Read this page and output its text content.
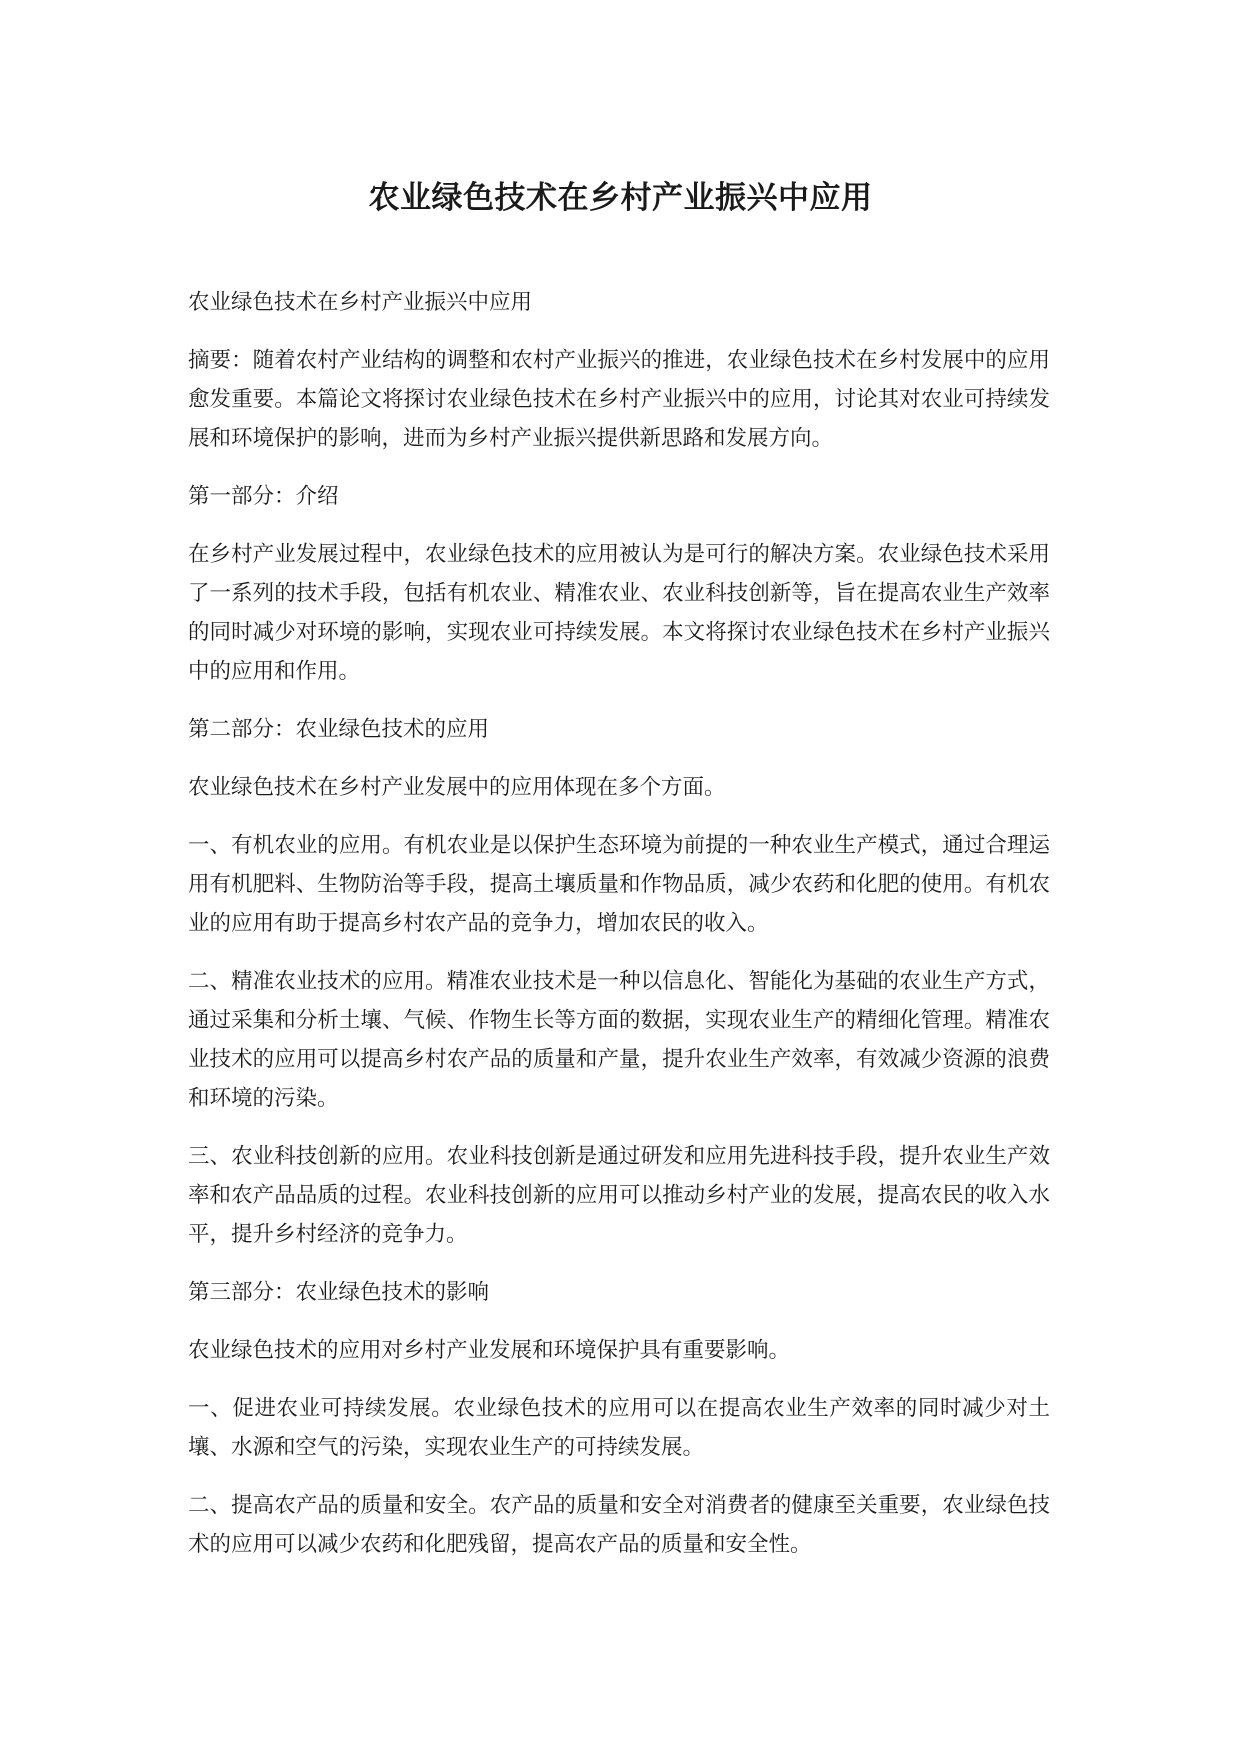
农业绿色技术在乡村产业振兴中应用

农业绿色技术在乡村产业振兴中应用

摘要：随着农村产业结构的调整和农村产业振兴的推进，农业绿色技术在乡村发展中的应用愈发重要。本篇论文将探讨农业绿色技术在乡村产业振兴中的应用，讨论其对农业可持续发展和环境保护的影响，进而为乡村产业振兴提供新思路和发展方向。

第一部分：介绍

在乡村产业发展过程中，农业绿色技术的应用被认为是可行的解决方案。农业绿色技术采用了一系列的技术手段，包括有机农业、精准农业、农业科技创新等，旨在提高农业生产效率的同时减少对环境的影响，实现农业可持续发展。本文将探讨农业绿色技术在乡村产业振兴中的应用和作用。

第二部分：农业绿色技术的应用

农业绿色技术在乡村产业发展中的应用体现在多个方面。

一、有机农业的应用。有机农业是以保护生态环境为前提的一种农业生产模式，通过合理运用有机肥料、生物防治等手段，提高土壤质量和作物品质，减少农药和化肥的使用。有机农业的应用有助于提高乡村农产品的竞争力，增加农民的收入。

二、精准农业技术的应用。精准农业技术是一种以信息化、智能化为基础的农业生产方式，通过采集和分析土壤、气候、作物生长等方面的数据，实现农业生产的精细化管理。精准农业技术的应用可以提高乡村农产品的质量和产量，提升农业生产效率，有效减少资源的浪费和环境的污染。

三、农业科技创新的应用。农业科技创新是通过研发和应用先进科技手段，提升农业生产效率和农产品品质的过程。农业科技创新的应用可以推动乡村产业的发展，提高农民的收入水平，提升乡村经济的竞争力。

第三部分：农业绿色技术的影响

农业绿色技术的应用对乡村产业发展和环境保护具有重要影响。

一、促进农业可持续发展。农业绿色技术的应用可以在提高农业生产效率的同时减少对土壤、水源和空气的污染，实现农业生产的可持续发展。

二、提高农产品的质量和安全。农产品的质量和安全对消费者的健康至关重要，农业绿色技术的应用可以减少农药和化肥残留，提高农产品的质量和安全性。
